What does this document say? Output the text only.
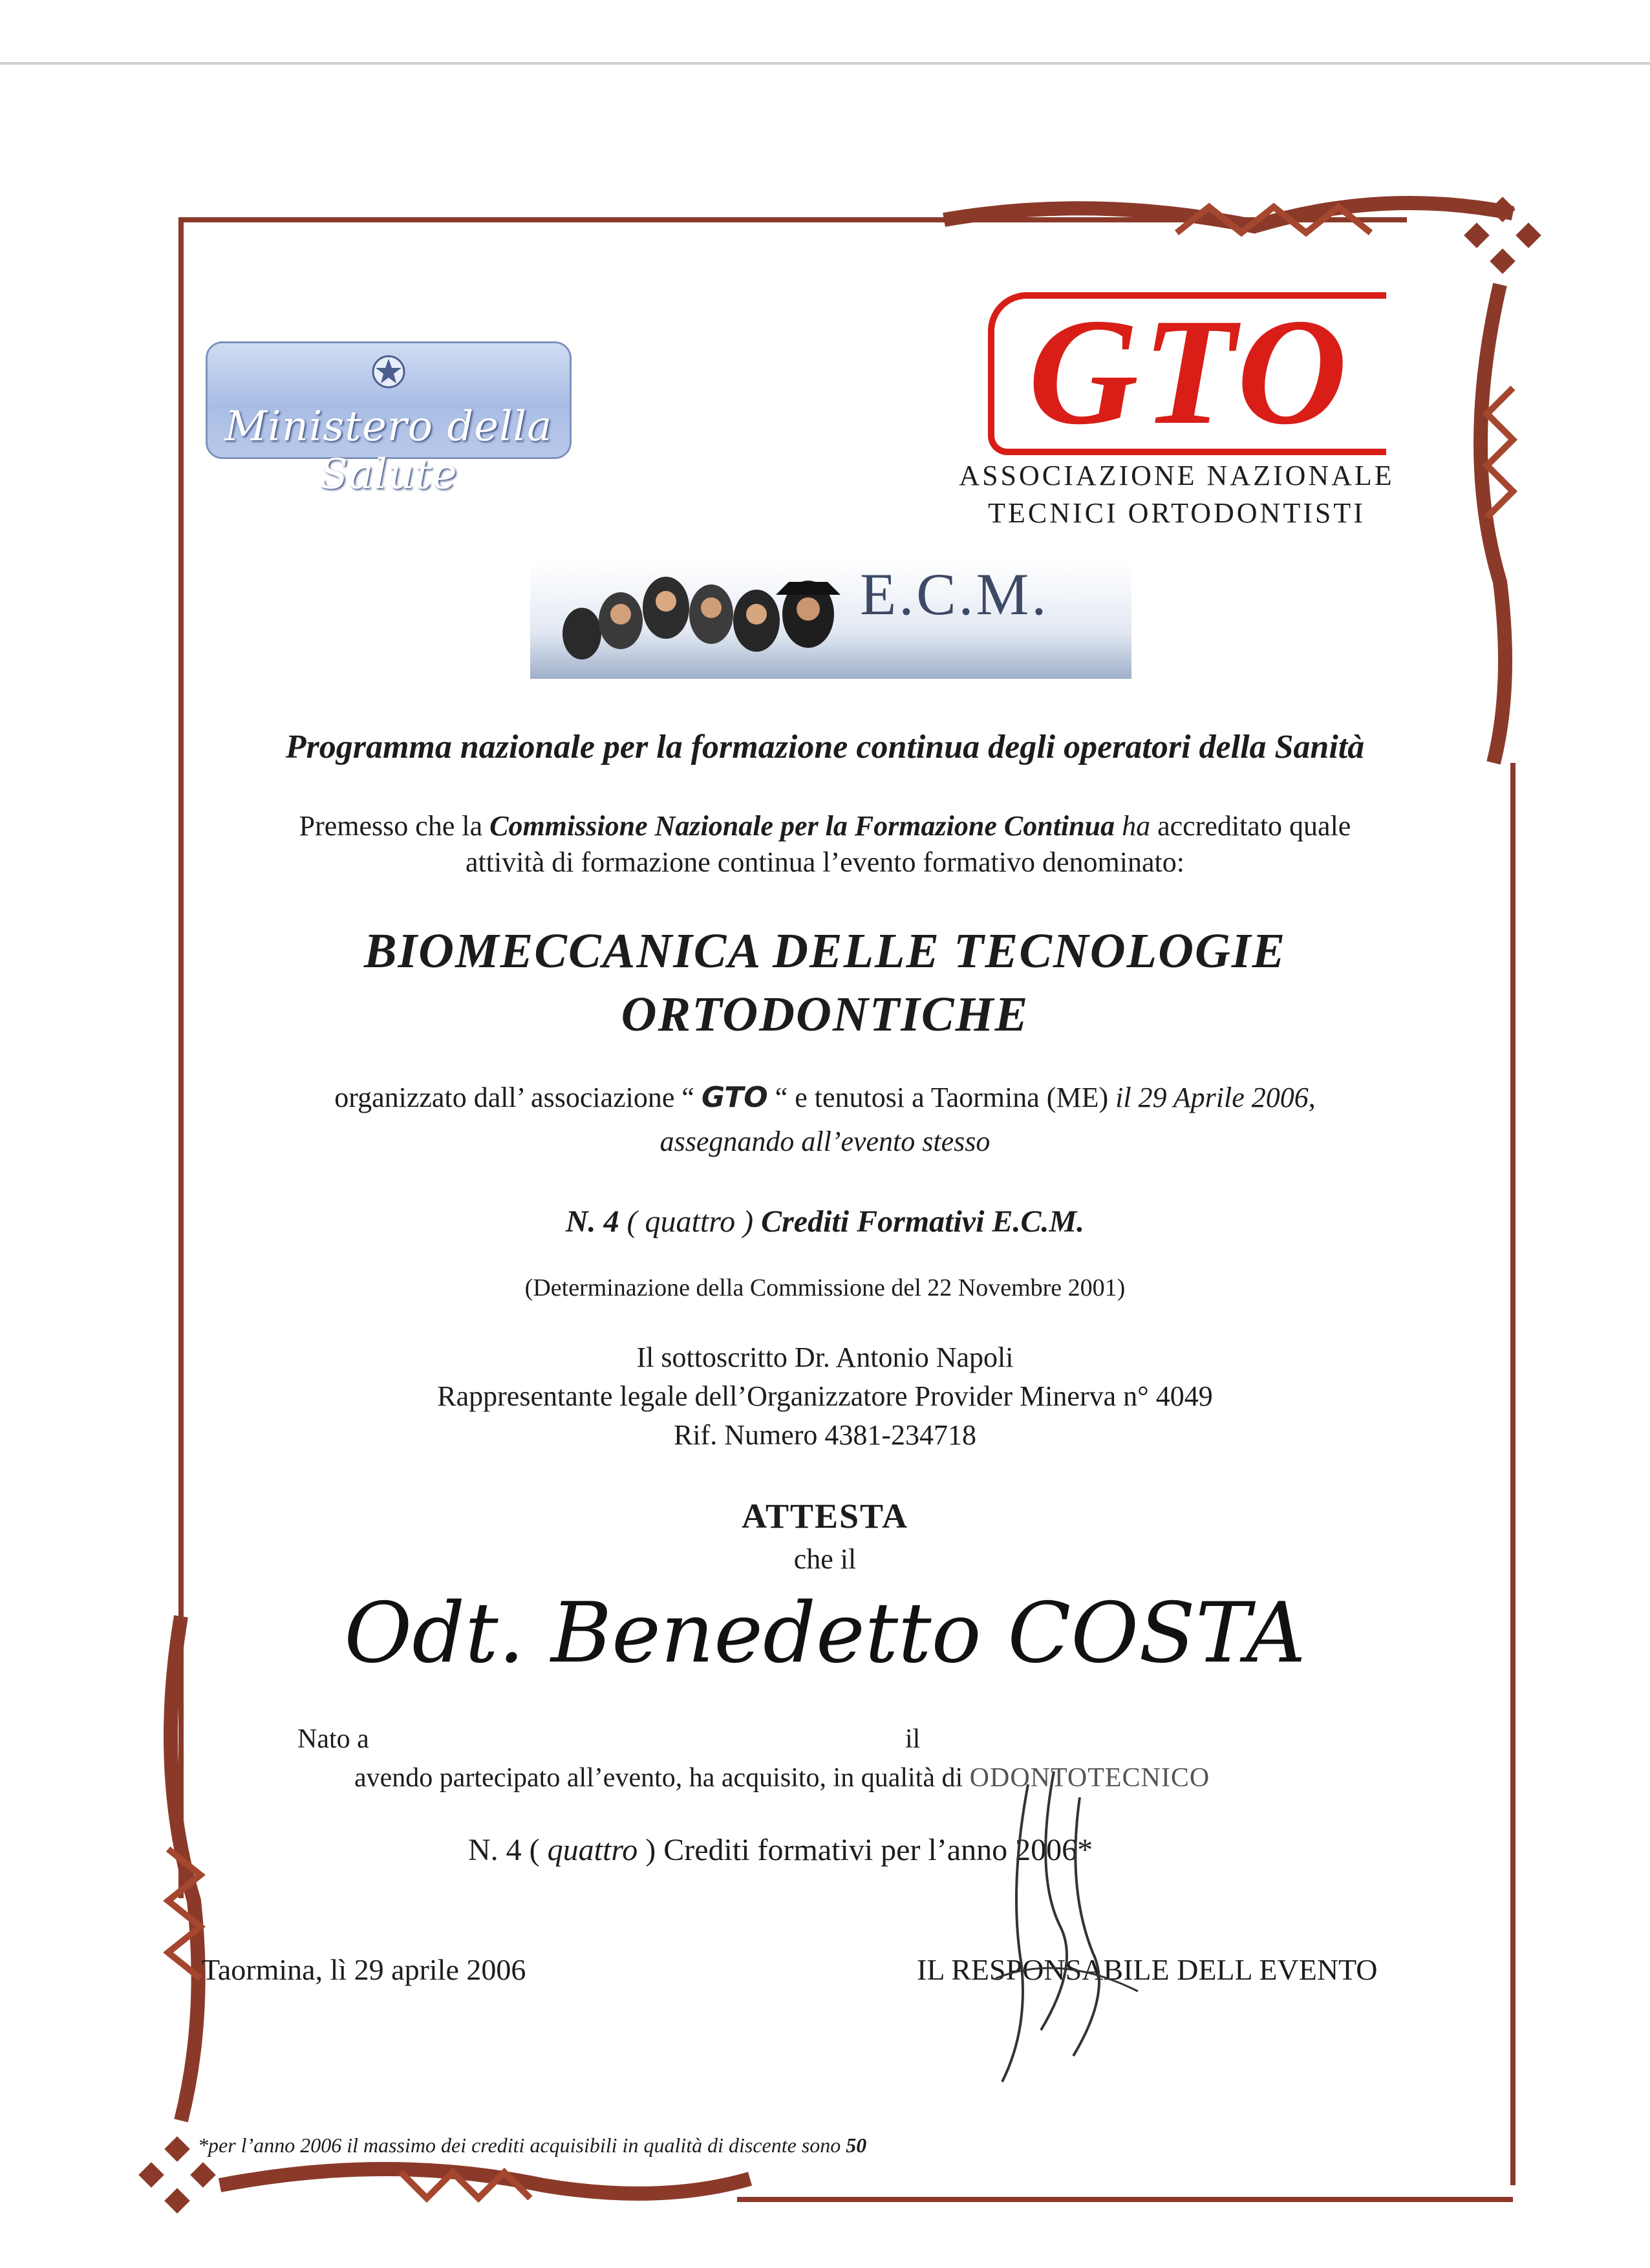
Ministero della Salute
GTO
ASSOCIAZIONE NAZIONALE
TECNICI ORTODONTISTI
E.C.M.
Programma nazionale per la formazione continua degli operatori della Sanità
Premesso che la Commissione Nazionale per la Formazione Continua ha accreditato quale
attività di formazione continua l’evento formativo denominato:
BIOMECCANICA DELLE TECNOLOGIE
ORTODONTICHE
organizzato dall’ associazione “ GTO “ e tenutosi a Taormina (ME) il 29 Aprile 2006,
assegnando all’evento stesso
N. 4 ( quattro ) Crediti Formativi E.C.M.
(Determinazione della Commissione del 22 Novembre 2001)
Il sottoscritto Dr. Antonio Napoli
Rappresentante legale dell’Organizzatore Provider Minerva n° 4049
Rif. Numero 4381-234718
ATTESTA
che il
Odt. Benedetto COSTA
Nato a	il
avendo partecipato all’evento, ha acquisito, in qualità di ODONTOTECNICO
N. 4 ( quattro ) Crediti formativi per l’anno 2006*
Taormina, lì 29 aprile 2006	IL RESPONSABILE DELL EVENTO
*per l’anno 2006 il massimo dei crediti acquisibili in qualità di discente sono 50
